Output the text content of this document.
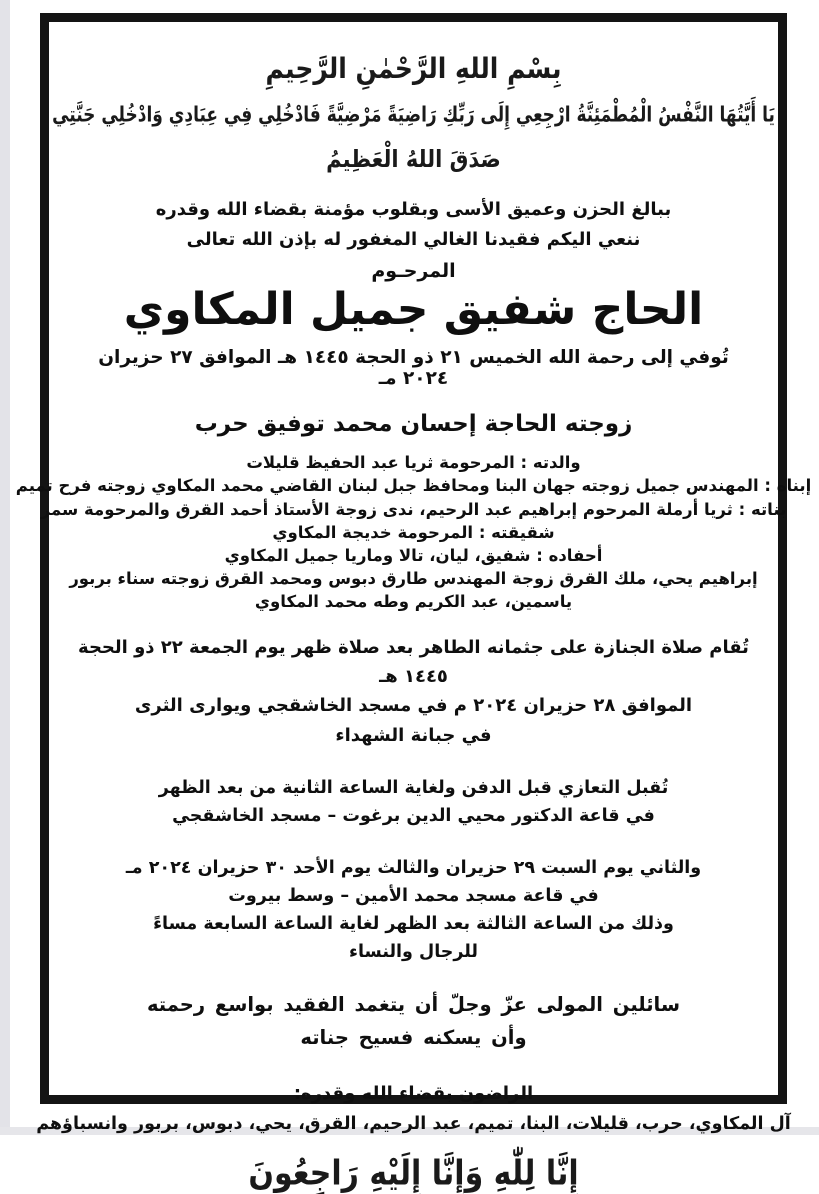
بِسْمِ اللهِ الرَّحْمٰنِ الرَّحِيمِ
يَا أَيَّتُهَا النَّفْسُ الْمُطْمَئِنَّةُ ارْجِعِي إِلَى رَبِّكِ رَاضِيَةً مَرْضِيَّةً فَادْخُلِي فِي عِبَادِي وَادْخُلِي جَنَّتِي
صَدَقَ اللهُ الْعَظِيمُ
ببالغ الحزن وعميق الأسى وبقلوب مؤمنة بقضاء الله وقدره
ننعي اليكم فقيدنا الغالي المغفور له بإذن الله تعالى
المرحـوم
الحاج شفيق جميل المكاوي
تُوفي إلى رحمة الله الخميس ٢١ ذو الحجة ١٤٤٥ هـ الموافق ٢٧ حزيران ٢٠٢٤ مـ
زوجته الحاجة إحسان محمد توفيق حرب
والدته : المرحومة ثريا عبد الحفيظ قليلات
إبناه : المهندس جميل زوجته جهان البنا ومحافظ جبل لبنان القاضي محمد المكاوي زوجته فرح تميم
بناته : ثريا أرملة المرحوم إبراهيم عبد الرحيم، ندى زوجة الأستاذ أحمد القرق والمرحومة سمر
شقيقته : المرحومة خديجة المكاوي
أحفاده : شفيق، ليان، تالا وماريا جميل المكاوي
إبراهيم يحي، ملك القرق زوجة المهندس طارق دبوس ومحمد القرق زوجته سناء بربور
ياسمين، عبد الكريم وطه محمد المكاوي
تُقام صلاة الجنازة على جثمانه الطاهر بعد صلاة ظهر يوم الجمعة ٢٢ ذو الحجة ١٤٤٥ هـ
الموافق ٢٨ حزيران ٢٠٢٤ م في مسجد الخاشقجي ويوارى الثرى
في جبانة الشهداء
تُقبل التعازي قبل الدفن ولغاية الساعة الثانية من بعد الظهر
في قاعة الدكتور محيي الدين برغوت – مسجد الخاشقجي
والثاني يوم السبت ٢٩ حزيران والثالث يوم الأحد ٣٠ حزيران ٢٠٢٤ مـ
في قاعة مسجد محمد الأمين – وسط بيروت
وذلك من الساعة الثالثة بعد الظهر لغاية الساعة السابعة مساءً
للرجال والنساء
سائلين المولى عزّ وجلّ أن يتغمد الفقيد بواسع رحمته
وأن يسكنه فسيح جناته
الراضون بقضاء الله وقدره:
آل المكاوي، حرب، قليلات، البنا، تميم، عبد الرحيم، القرق، يحي، دبوس، بربور وانسباؤهم
إِنَّا لِلّٰهِ وَإِنَّا إِلَيْهِ رَاجِعُونَ
